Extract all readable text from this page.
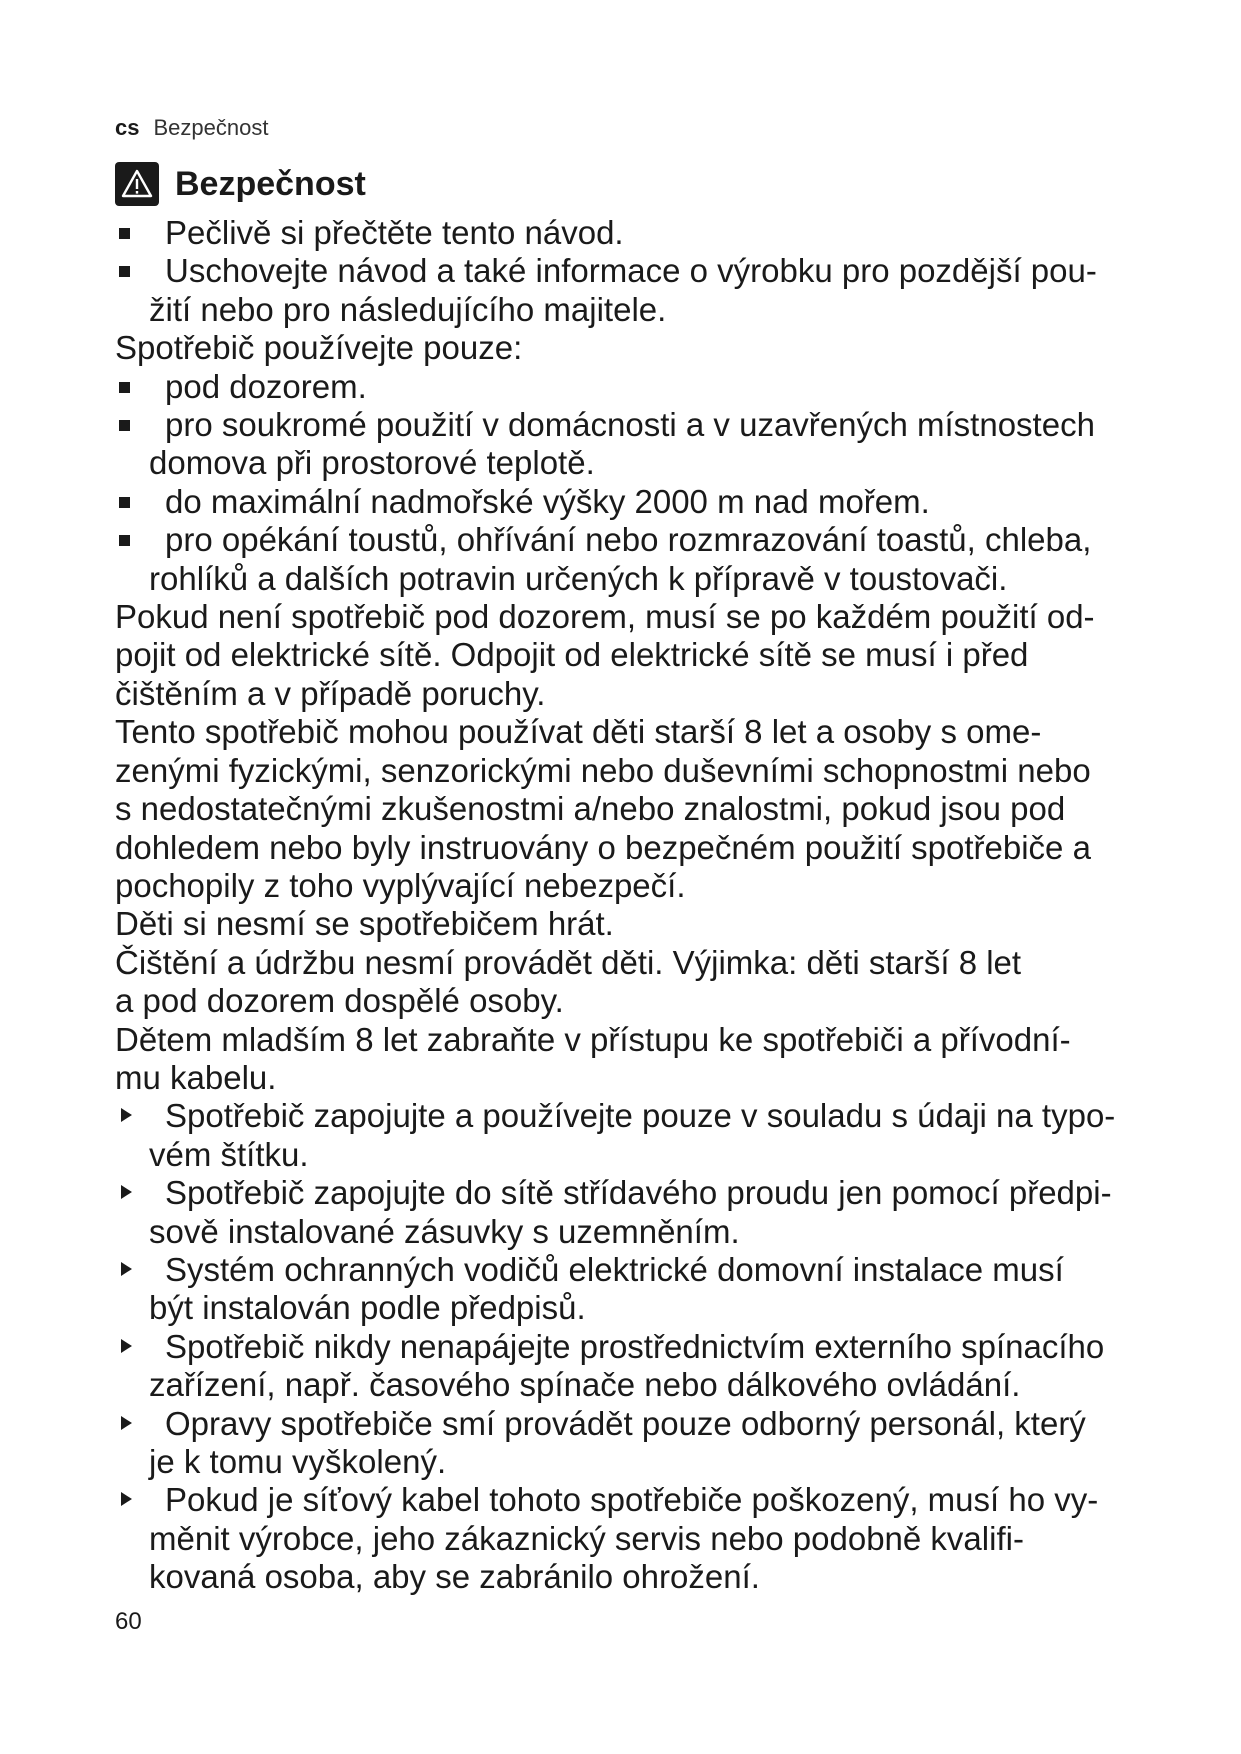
cs Bezpečnost
Bezpečnost
Pečlivě si přečtěte tento návod.
Uschovejte návod a také informace o výrobku pro pozdější pou-
žití nebo pro následujícího majitele.

Spotřebič používejte pouze:

pod dozorem.
pro soukromé použití v domácnosti a v uzavřených místnostech
domova při prostorové teplotě.
do maximální nadmořské výšky 2000 m nad mořem.
pro opékání toustů, ohřívání nebo rozmrazování toastů, chleba,
rohlíků a dalších potravin určených k přípravě v toustovači.

Pokud není spotřebič pod dozorem, musí se po každém použití od-
pojit od elektrické sítě. Odpojit od elektrické sítě se musí i před
čištěním a v případě poruchy.

Tento spotřebič mohou používat děti starší 8 let a osoby s ome-
zenými fyzickými, senzorickými nebo duševními schopnostmi nebo
s nedostatečnými zkušenostmi a/nebo znalostmi, pokud jsou pod
dohledem nebo byly instruovány o bezpečném použití spotřebiče a
pochopily z toho vyplývající nebezpečí.

Děti si nesmí se spotřebičem hrát.

Čištění a údržbu nesmí provádět děti. Výjimka: děti starší 8 let
a pod dozorem dospělé osoby.

Dětem mladším 8 let zabraňte v přístupu ke spotřebiči a přívodní-
mu kabelu.

Spotřebič zapojujte a používejte pouze v souladu s údaji na typo-
vém štítku.
Spotřebič zapojujte do sítě střídavého proudu jen pomocí předpi-
sově instalované zásuvky s uzemněním.
Systém ochranných vodičů elektrické domovní instalace musí
být instalován podle předpisů.
Spotřebič nikdy nenapájejte prostřednictvím externího spínacího
zařízení, např. časového spínače nebo dálkového ovládání.
Opravy spotřebiče smí provádět pouze odborný personál, který
je k tomu vyškolený.
Pokud je síťový kabel tohoto spotřebiče poškozený, musí ho vy-
měnit výrobce, jeho zákaznický servis nebo podobně kvalifi-
kovaná osoba, aby se zabránilo ohrožení.
60
